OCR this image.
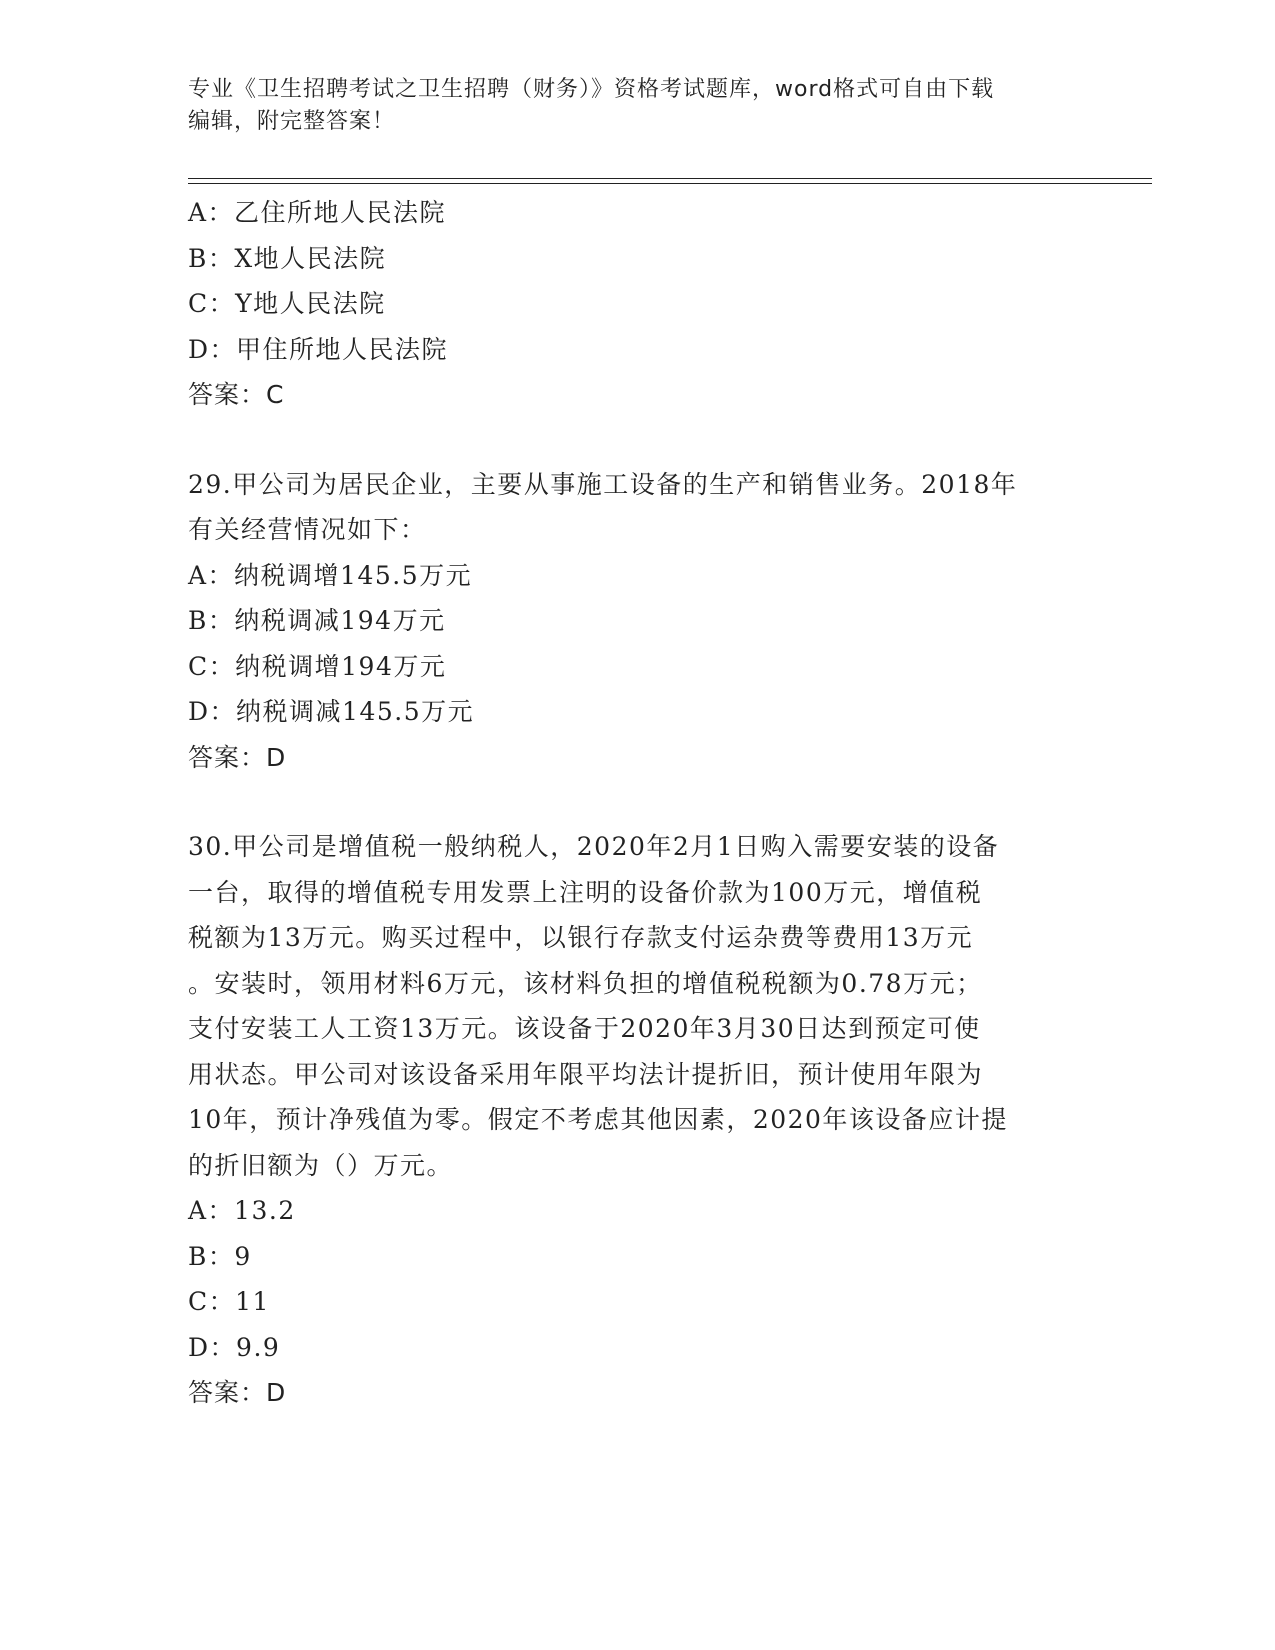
专业《卫生招聘考试之卫生招聘（财务）》资格考试题库，word格式可自由下载
编辑，附完整答案！
A：乙住所地人民法院
B：X地人民法院
C：Y地人民法院
D：甲住所地人民法院
答案：C
29.甲公司为居民企业，主要从事施工设备的生产和销售业务。2018年
有关经营情况如下：
A：纳税调增145.5万元
B：纳税调减194万元
C：纳税调增194万元
D：纳税调减145.5万元
答案：D
30.甲公司是增值税一般纳税人，2020年2月1日购入需要安装的设备
一台，取得的增值税专用发票上注明的设备价款为100万元，增值税
税额为13万元。购买过程中，以银行存款支付运杂费等费用13万元
。安装时，领用材料6万元，该材料负担的增值税税额为0.78万元；
支付安装工人工资13万元。该设备于2020年3月30日达到预定可使
用状态。甲公司对该设备采用年限平均法计提折旧，预计使用年限为
10年，预计净残值为零。假定不考虑其他因素，2020年该设备应计提
的折旧额为（）万元。
A：13.2
B：9
C：11
D：9.9
答案：D
